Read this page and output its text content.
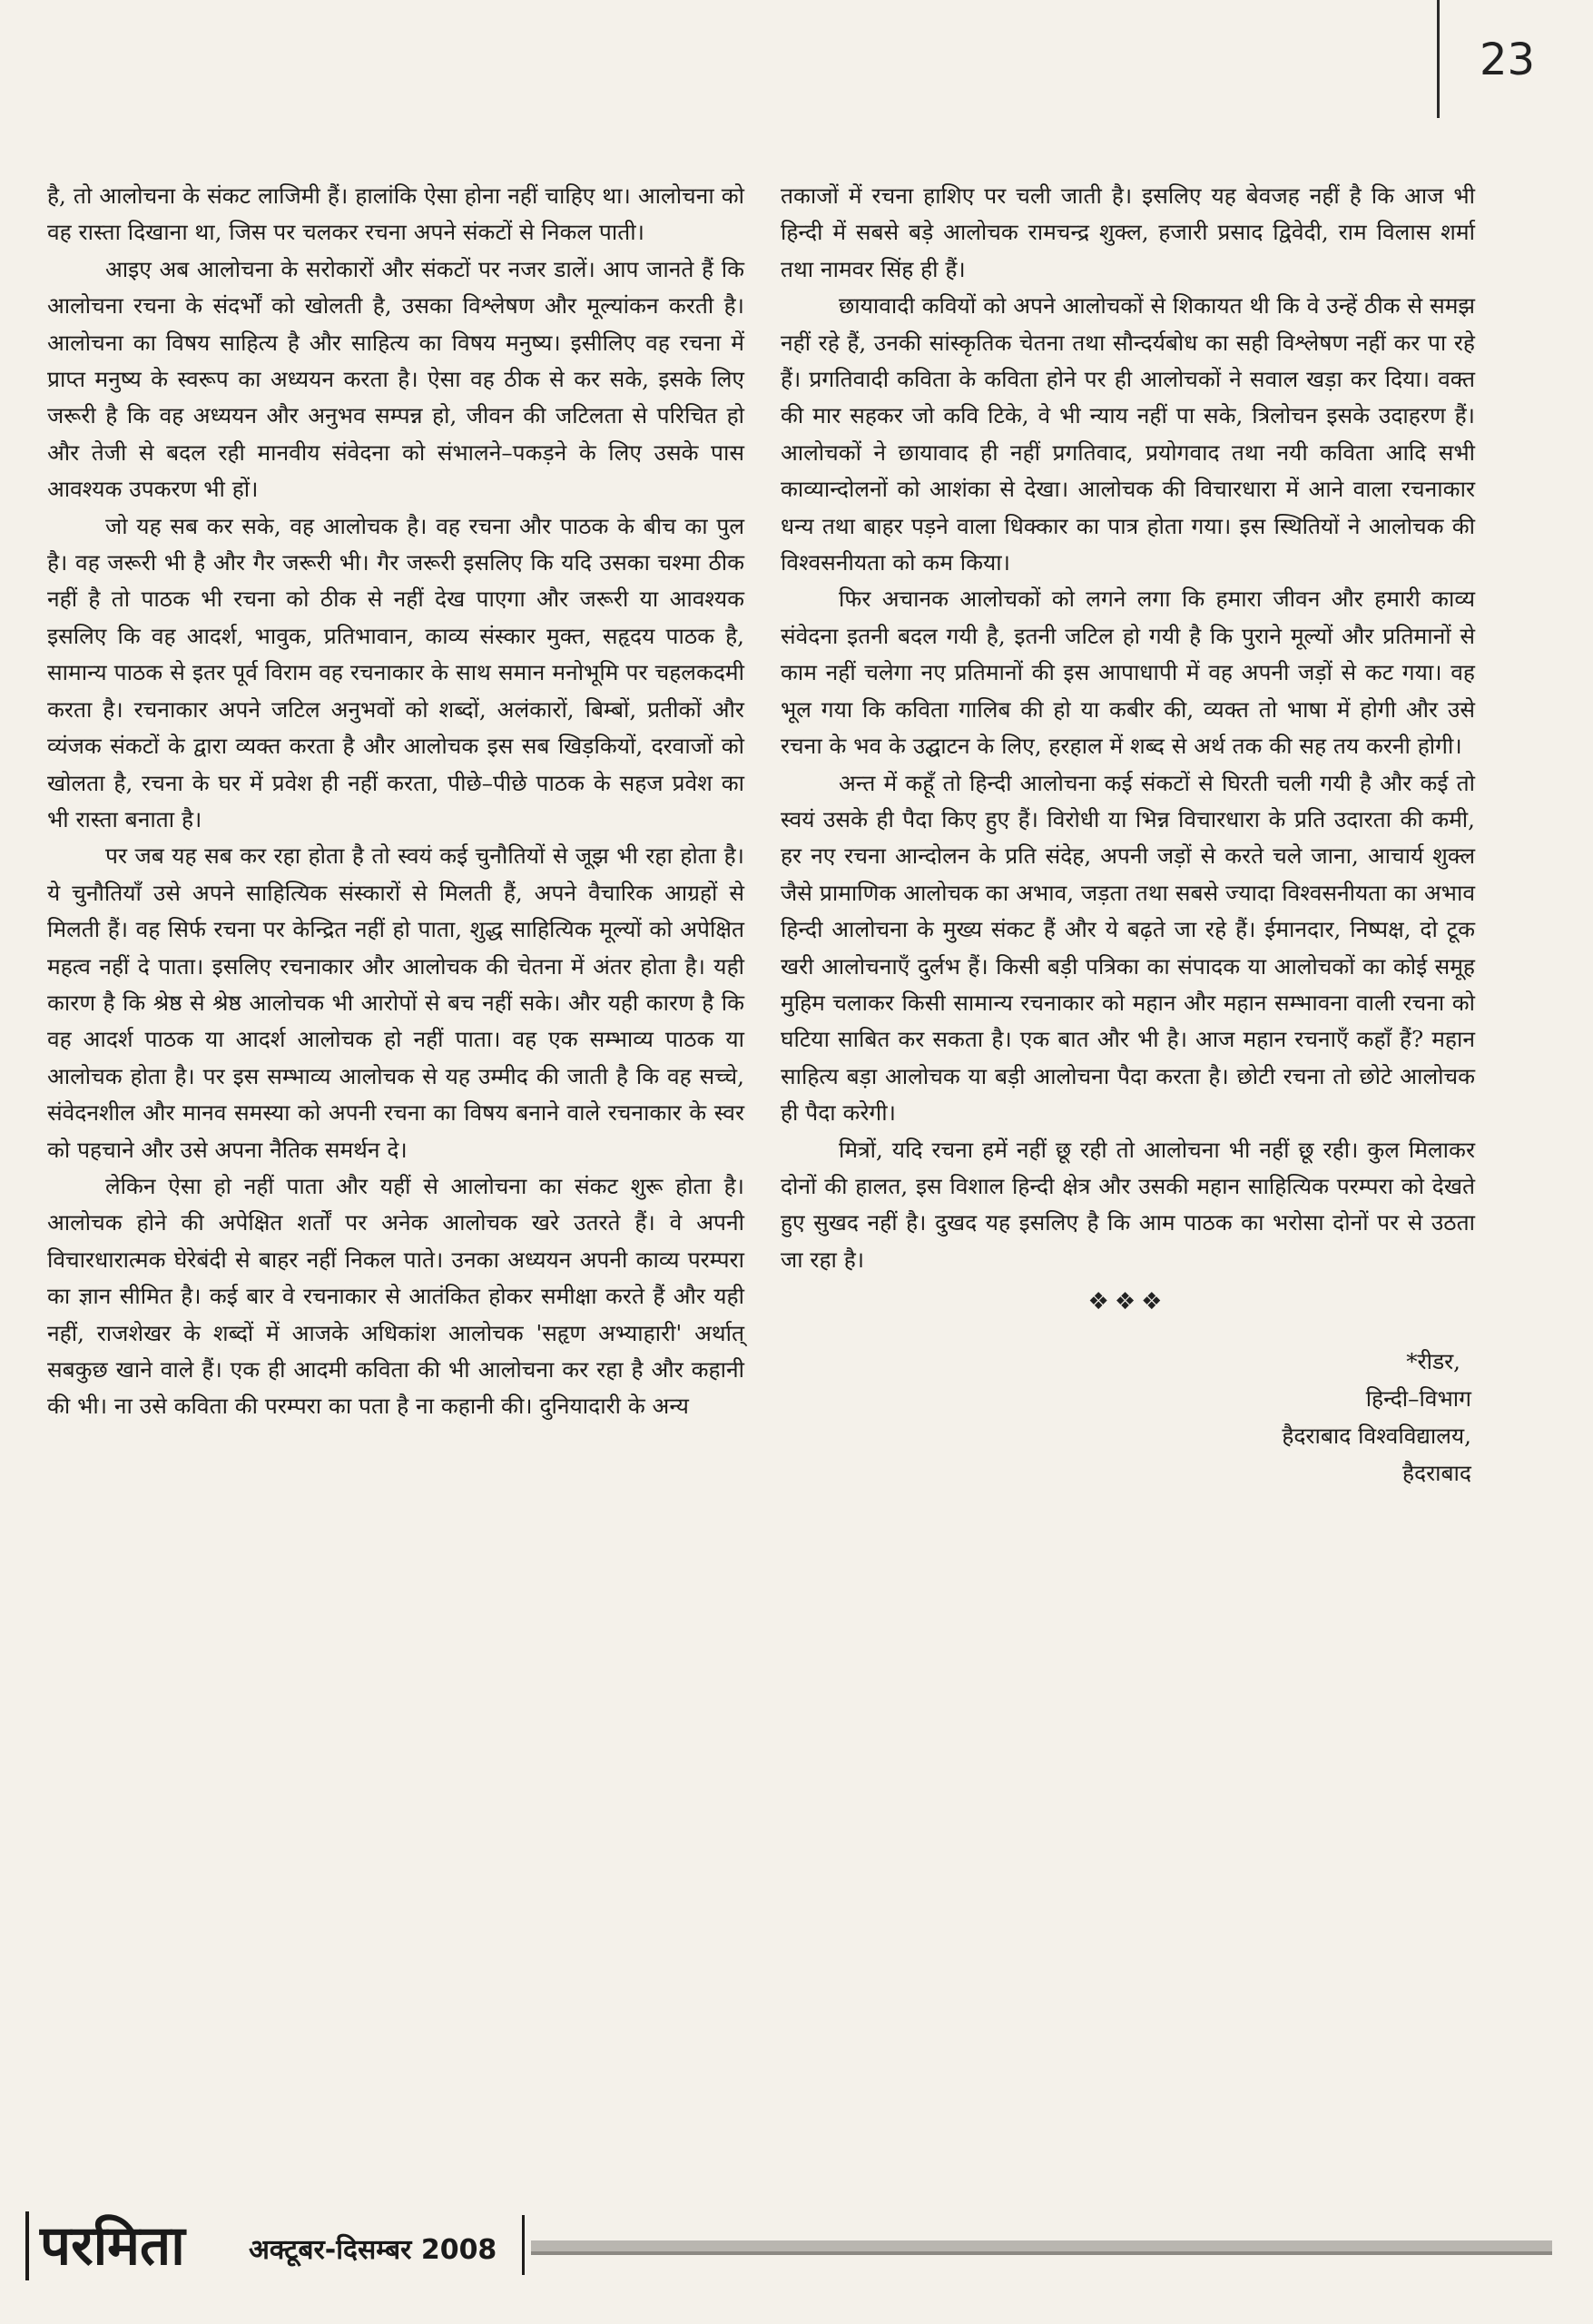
23

है, तो आलोचना के संकट लाजिमी हैं। हालांकि ऐसा होना नहीं चाहिए था। आलोचना को वह रास्ता दिखाना था, जिस पर चलकर रचना अपने संकटों से निकल पाती।

आइए अब आलोचना के सरोकारों और संकटों पर नजर डालें। आप जानते हैं कि आलोचना रचना के संदर्भों को खोलती है, उसका विश्लेषण और मूल्यांकन करती है। आलोचना का विषय साहित्य है और साहित्य का विषय मनुष्य। इसीलिए वह रचना में प्राप्त मनुष्य के स्वरूप का अध्ययन करता है। ऐसा वह ठीक से कर सके, इसके लिए जरूरी है कि वह अध्ययन और अनुभव सम्पन्न हो, जीवन की जटिलता से परिचित हो और तेजी से बदल रही मानवीय संवेदना को संभालने–पकड़ने के लिए उसके पास आवश्यक उपकरण भी हों।

जो यह सब कर सके, वह आलोचक है। वह रचना और पाठक के बीच का पुल है। वह जरूरी भी है और गैर जरूरी भी। गैर जरूरी इसलिए कि यदि उसका चश्मा ठीक नहीं है तो पाठक भी रचना को ठीक से नहीं देख पाएगा और जरूरी या आवश्यक इसलिए कि वह आदर्श, भावुक, प्रतिभावान, काव्य संस्कार मुक्त, सहृदय पाठक है, सामान्य पाठक से इतर पूर्व विराम वह रचनाकार के साथ समान मनोभूमि पर चहलकदमी करता है। रचनाकार अपने जटिल अनुभवों को शब्दों, अलंकारों, बिम्बों, प्रतीकों और व्यंजक संकटों के द्वारा व्यक्त करता है और आलोचक इस सब खिड़कियों, दरवाजों को खोलता है, रचना के घर में प्रवेश ही नहीं करता, पीछे–पीछे पाठक के सहज प्रवेश का भी रास्ता बनाता है।

पर जब यह सब कर रहा होता है तो स्वयं कई चुनौतियों से जूझ भी रहा होता है। ये चुनौतियाँ उसे अपने साहित्यिक संस्कारों से मिलती हैं, अपने वैचारिक आग्रहों से मिलती हैं। वह सिर्फ रचना पर केन्द्रित नहीं हो पाता, शुद्ध साहित्यिक मूल्यों को अपेक्षित महत्व नहीं दे पाता। इसलिए रचनाकार और आलोचक की चेतना में अंतर होता है। यही कारण है कि श्रेष्ठ से श्रेष्ठ आलोचक भी आरोपों से बच नहीं सके। और यही कारण है कि वह आदर्श पाठक या आदर्श आलोचक हो नहीं पाता। वह एक सम्भाव्य पाठक या आलोचक होता है। पर इस सम्भाव्य आलोचक से यह उम्मीद की जाती है कि वह सच्चे, संवेदनशील और मानव समस्या को अपनी रचना का विषय बनाने वाले रचनाकार के स्वर को पहचाने और उसे अपना नैतिक समर्थन दे।

लेकिन ऐसा हो नहीं पाता और यहीं से आलोचना का संकट शुरू होता है। आलोचक होने की अपेक्षित शर्तों पर अनेक आलोचक खरे उतरते हैं। वे अपनी विचारधारात्मक घेरेबंदी से बाहर नहीं निकल पाते। उनका अध्ययन अपनी काव्य परम्परा का ज्ञान सीमित है। कई बार वे रचनाकार से आतंकित होकर समीक्षा करते हैं और यही नहीं, राजशेखर के शब्दों में आजके अधिकांश आलोचक 'सहृण अभ्याहारी' अर्थात् सबकुछ खाने वाले हैं। एक ही आदमी कविता की भी आलोचना कर रहा है और कहानी की भी। ना उसे कविता की परम्परा का पता है ना कहानी की। दुनियादारी के अन्य

तकाजों में रचना हाशिए पर चली जाती है। इसलिए यह बेवजह नहीं है कि आज भी हिन्दी में सबसे बड़े आलोचक रामचन्द्र शुक्ल, हजारी प्रसाद द्विवेदी, राम विलास शर्मा तथा नामवर सिंह ही हैं।

छायावादी कवियों को अपने आलोचकों से शिकायत थी कि वे उन्हें ठीक से समझ नहीं रहे हैं, उनकी सांस्कृतिक चेतना तथा सौन्दर्यबोध का सही विश्लेषण नहीं कर पा रहे हैं। प्रगतिवादी कविता के कविता होने पर ही आलोचकों ने सवाल खड़ा कर दिया। वक्त की मार सहकर जो कवि टिके, वे भी न्याय नहीं पा सके, त्रिलोचन इसके उदाहरण हैं। आलोचकों ने छायावाद ही नहीं प्रगतिवाद, प्रयोगवाद तथा नयी कविता आदि सभी काव्यान्दोलनों को आशंका से देखा। आलोचक की विचारधारा में आने वाला रचनाकार धन्य तथा बाहर पड़ने वाला धिक्कार का पात्र होता गया। इस स्थितियों ने आलोचक की विश्वसनीयता को कम किया।

फिर अचानक आलोचकों को लगने लगा कि हमारा जीवन और हमारी काव्य संवेदना इतनी बदल गयी है, इतनी जटिल हो गयी है कि पुराने मूल्यों और प्रतिमानों से काम नहीं चलेगा नए प्रतिमानों की इस आपाधापी में वह अपनी जड़ों से कट गया। वह भूल गया कि कविता गालिब की हो या कबीर की, व्यक्त तो भाषा में होगी और उसे रचना के भव के उद्घाटन के लिए, हरहाल में शब्द से अर्थ तक की सह तय करनी होगी।

अन्त में कहूँ तो हिन्दी आलोचना कई संकटों से घिरती चली गयी है और कई तो स्वयं उसके ही पैदा किए हुए हैं। विरोधी या भिन्न विचारधारा के प्रति उदारता की कमी, हर नए रचना आन्दोलन के प्रति संदेह, अपनी जड़ों से करते चले जाना, आचार्य शुक्ल जैसे प्रामाणिक आलोचक का अभाव, जड़ता तथा सबसे ज्यादा विश्वसनीयता का अभाव हिन्दी आलोचना के मुख्य संकट हैं और ये बढ़ते जा रहे हैं। ईमानदार, निष्पक्ष, दो टूक खरी आलोचनाएँ दुर्लभ हैं। किसी बड़ी पत्रिका का संपादक या आलोचकों का कोई समूह मुहिम चलाकर किसी सामान्य रचनाकार को महान और महान सम्भावना वाली रचना को घटिया साबित कर सकता है। एक बात और भी है। आज महान रचनाएँ कहाँ हैं? महान साहित्य बड़ा आलोचक या बड़ी आलोचना पैदा करता है। छोटी रचना तो छोटे आलोचक ही पैदा करेगी।

मित्रों, यदि रचना हमें नहीं छू रही तो आलोचना भी नहीं छू रही। कुल मिलाकर दोनों की हालत, इस विशाल हिन्दी क्षेत्र और उसकी महान साहित्यिक परम्परा को देखते हुए सुखद नहीं है। दुखद यह इसलिए है कि आम पाठक का भरोसा दोनों पर से उठता जा रहा है।

❖❖❖
*रीडर,
हिन्दी–विभाग
हैदराबाद विश्वविद्यालय,
हैदराबाद
परमिता अक्टूबर-दिसम्बर 2008
